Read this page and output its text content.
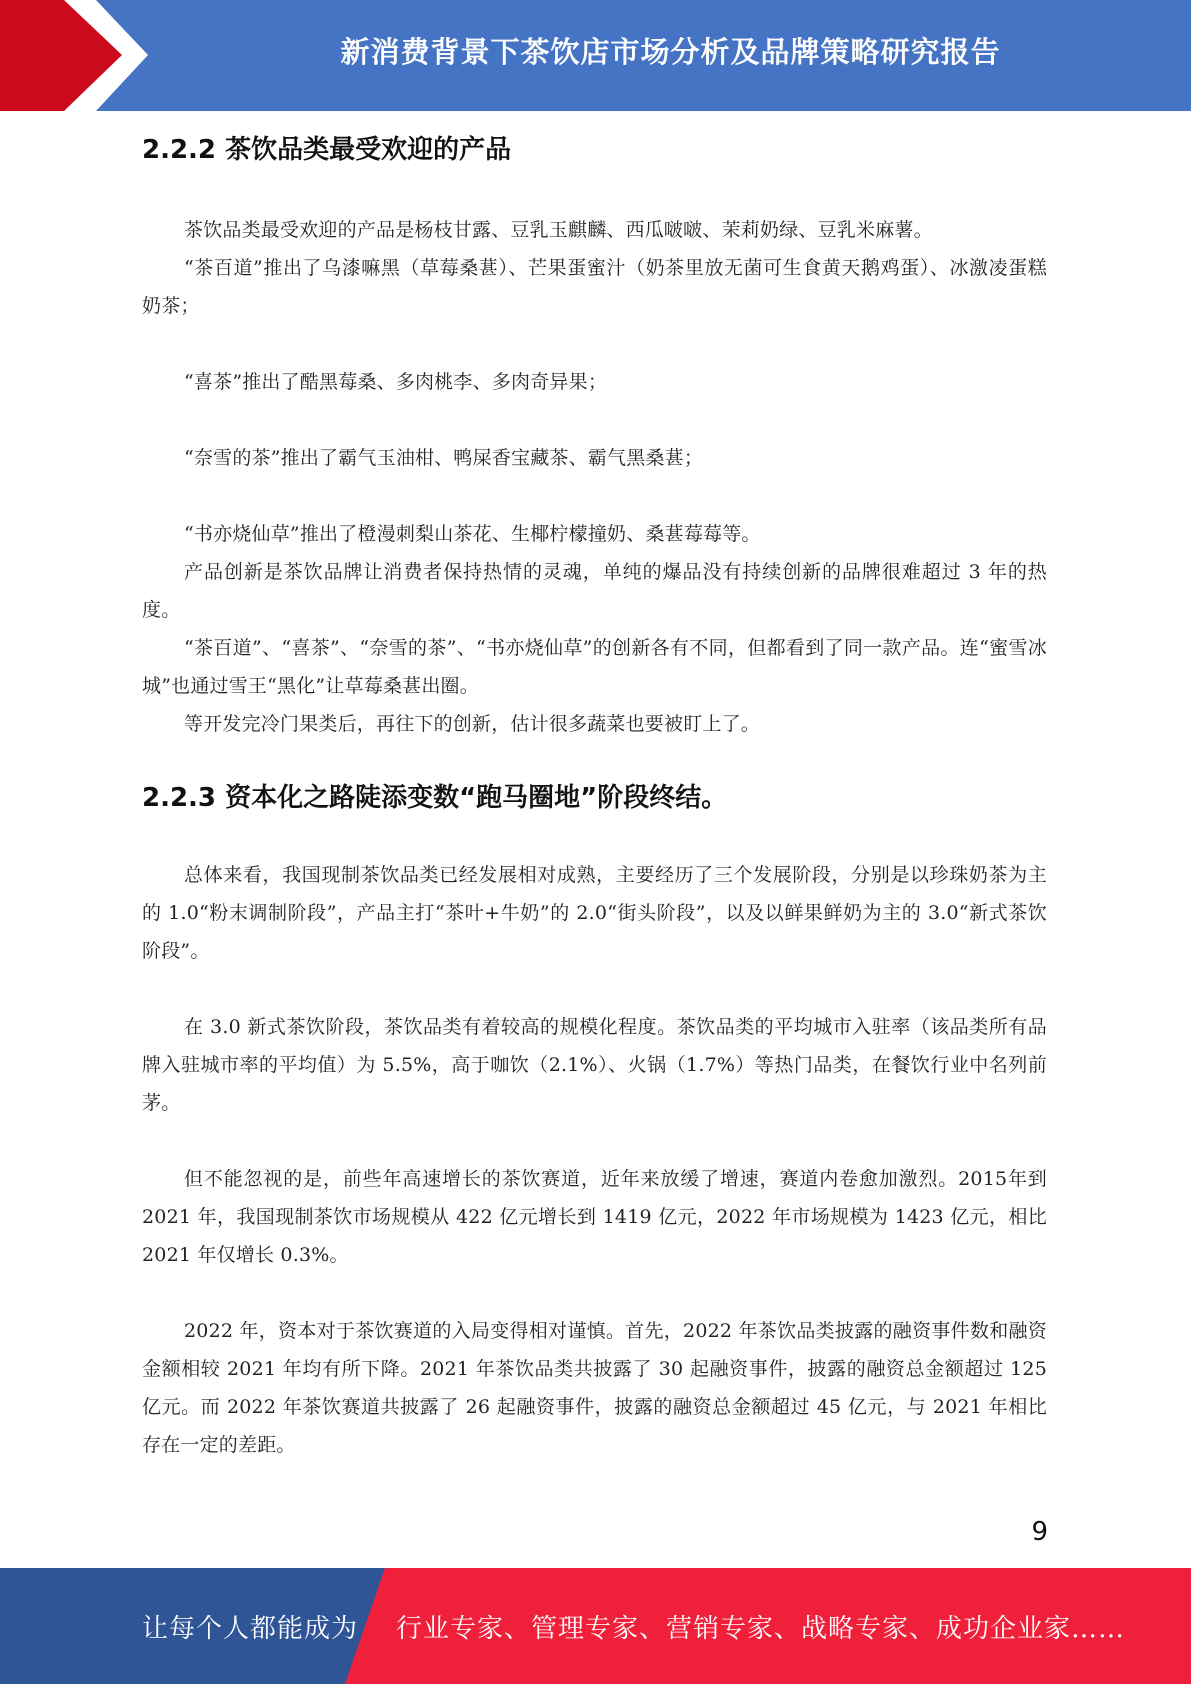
新消费背景下茶饮店市场分析及品牌策略研究报告
2.2.2 茶饮品类最受欢迎的产品

茶饮品类最受欢迎的产品是杨枝甘露、豆乳玉麒麟、西瓜啵啵、茉莉奶绿、豆乳米麻薯。

“茶百道”推出了乌漆嘛黑（草莓桑葚）、芒果蛋蜜汁（奶茶里放无菌可生食黄天鹅鸡蛋）、冰激凌蛋糕奶茶；

“喜茶”推出了酷黑莓桑、多肉桃李、多肉奇异果；

“奈雪的茶”推出了霸气玉油柑、鸭屎香宝藏茶、霸气黑桑葚；

“书亦烧仙草”推出了橙漫刺梨山茶花、生椰柠檬撞奶、桑葚莓莓等。

产品创新是茶饮品牌让消费者保持热情的灵魂，单纯的爆品没有持续创新的品牌很难超过 3 年的热度。

“茶百道”、“喜茶”、“奈雪的茶”、“书亦烧仙草”的创新各有不同，但都看到了同一款产品。连“蜜雪冰城”也通过雪王“黑化”让草莓桑葚出圈。

等开发完冷门果类后，再往下的创新，估计很多蔬菜也要被盯上了。

2.2.3 资本化之路陡添变数“跑马圈地”阶段终结。

总体来看，我国现制茶饮品类已经发展相对成熟，主要经历了三个发展阶段，分别是以珍珠奶茶为主的 1.0“粉末调制阶段”，产品主打“茶叶+牛奶”的 2.0“街头阶段”，以及以鲜果鲜奶为主的 3.0“新式茶饮阶段”。

在 3.0 新式茶饮阶段，茶饮品类有着较高的规模化程度。茶饮品类的平均城市入驻率（该品类所有品牌入驻城市率的平均值）为 5.5%，高于咖饮（2.1%）、火锅（1.7%）等热门品类，在餐饮行业中名列前茅。

但不能忽视的是，前些年高速增长的茶饮赛道，近年来放缓了增速，赛道内卷愈加激烈。2015年到 2021 年，我国现制茶饮市场规模从 422 亿元增长到 1419 亿元，2022 年市场规模为 1423 亿元，相比 2021 年仅增长 0.3%。

2022 年，资本对于茶饮赛道的入局变得相对谨慎。首先，2022 年茶饮品类披露的融资事件数和融资金额相较 2021 年均有所下降。2021 年茶饮品类共披露了 30 起融资事件，披露的融资总金额超过 125 亿元。而 2022 年茶饮赛道共披露了 26 起融资事件，披露的融资总金额超过 45 亿元，与 2021 年相比存在一定的差距。

9
让每个人都能成为 行业专家、管理专家、营销专家、战略专家、成功企业家……
